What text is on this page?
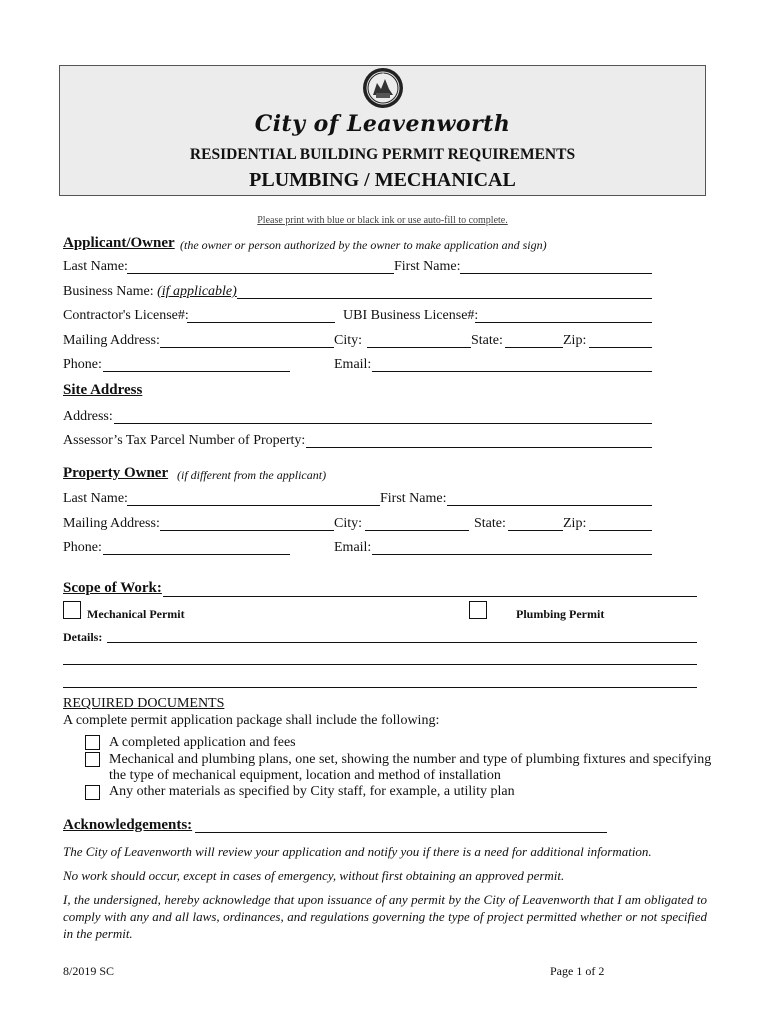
City of Leavenworth
RESIDENTIAL BUILDING PERMIT REQUIREMENTS
PLUMBING / MECHANICAL
Please print with blue or black ink or use auto-fill to complete.
Applicant/Owner (the owner or person authorized by the owner to make application and sign)
Last Name:	First Name:
Business Name: (if applicable)
Contractor's License#:	UBI Business License#:
Mailing Address:	City:	State:	Zip:
Phone:	Email:
Site Address
Address:
Assessor’s Tax Parcel Number of Property:
Property Owner (if different from the applicant)
Last Name:	First Name:
Mailing Address:	City:	State:	Zip:
Phone:	Email:
Scope of Work:
Mechanical Permit	Plumbing Permit
Details:
REQUIRED DOCUMENTS
A complete permit application package shall include the following:
A completed application and fees
Mechanical and plumbing plans, one set, showing the number and type of plumbing fixtures and specifying
the type of mechanical equipment, location and method of installation
Any other materials as specified by City staff, for example, a utility plan
Acknowledgements:
The City of Leavenworth will review your application and notify you if there is a need for additional information.
No work should occur, except in cases of emergency, without first obtaining an approved permit.
I, the undersigned, hereby acknowledge that upon issuance of any permit by the City of Leavenworth that I am obligated to comply with any and all laws, ordinances, and regulations governing the type of project permitted whether or not specified in the permit.
8/2019 SC	Page 1 of 2
